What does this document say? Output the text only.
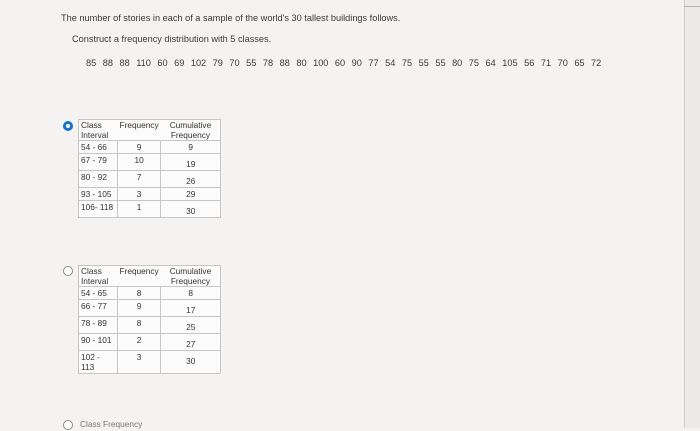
The number of stories in each of a sample of the world's 30 tallest buildings follows.
Construct a frequency distribution with 5 classes.
85 88 88 110 60 69 102 79 70 55 78 88 80 100 60 90 77 54 75 55 55 80 75 64 105 56 71 70 65 72
Class
Interval	Frequency	Cumulative
Frequency
54 - 66	9	9
67 - 79	10	19

80 - 92	7	26

93 - 105	3	29
106- 118	1	30
Class
Interval	Frequency	Cumulative
Frequency
54 - 65	8	8
66 - 77	9	17

78 - 89	8	25

90 - 101	2	27

102 - 113	3	30
Class Frequency
